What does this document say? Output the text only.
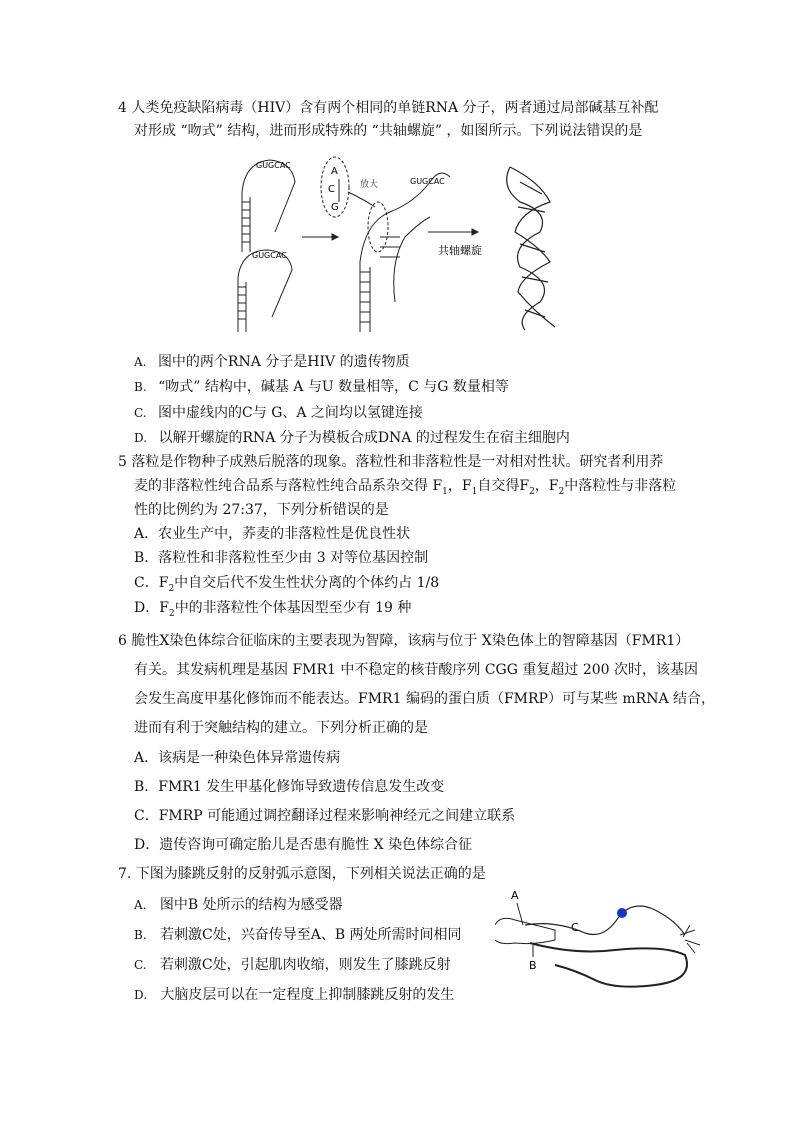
4 人类免疫缺陷病毒（HIV）含有两个相同的单链RNA 分子，两者通过局部碱基互补配
对形成 “吻式” 结构，进而形成特殊的 “共轴螺旋” ，如图所示。下列说法错误的是
GUGCAC
GUGCAC
A
C
G
放大	GUGCAC
共轴螺旋
A. 图中的两个RNA 分子是HIV 的遗传物质
B. “吻式” 结构中，碱基 A 与U 数量相等，C 与G 数量相等
C. 图中虚线内的C与 G、A 之间均以氢键连接
D. 以解开螺旋的RNA 分子为模板合成DNA 的过程发生在宿主细胞内
5 落粒是作物种子成熟后脱落的现象。落粒性和非落粒性是一对相对性状。研究者利用荞
麦的非落粒性纯合品系与落粒性纯合品系杂交得 $F_1$，$F_1$自交得$F_2$，$F_2$中落粒性与非落粒
性的比例约为 27:37，下列分析错误的是
A．农业生产中，荞麦的非落粒性是优良性状
B．落粒性和非落粒性至少由 3 对等位基因控制
C．$F_2$中自交后代不发生性状分离的个体约占 1/8
D．$F_2$中的非落粒性个体基因型至少有 19 种
6 脆性X染色体综合征临床的主要表现为智障，该病与位于 X染色体上的智障基因（FMR1）
有关。其发病机理是基因 FMR1 中不稳定的核苷酸序列 CGG 重复超过 200 次时，该基因
会发生高度甲基化修饰而不能表达。FMR1 编码的蛋白质（FMRP）可与某些 mRNA 结合，
进而有利于突触结构的建立。下列分析正确的是
A．该病是一种染色体异常遗传病
B．FMR1 发生甲基化修饰导致遗传信息发生改变
C．FMRP 可能通过调控翻译过程来影响神经元之间建立联系
D．遗传咨询可确定胎儿是否患有脆性 X 染色体综合征
7. 下图为膝跳反射的反射弧示意图，下列相关说法正确的是
A. 图中B 处所示的结构为感受器
B. 若刺激C处，兴奋传导至A、B 两处所需时间相同
C. 若刺激C处，引起肌肉收缩，则发生了膝跳反射
D. 大脑皮层可以在一定程度上抑制膝跳反射的发生
A
B
C
